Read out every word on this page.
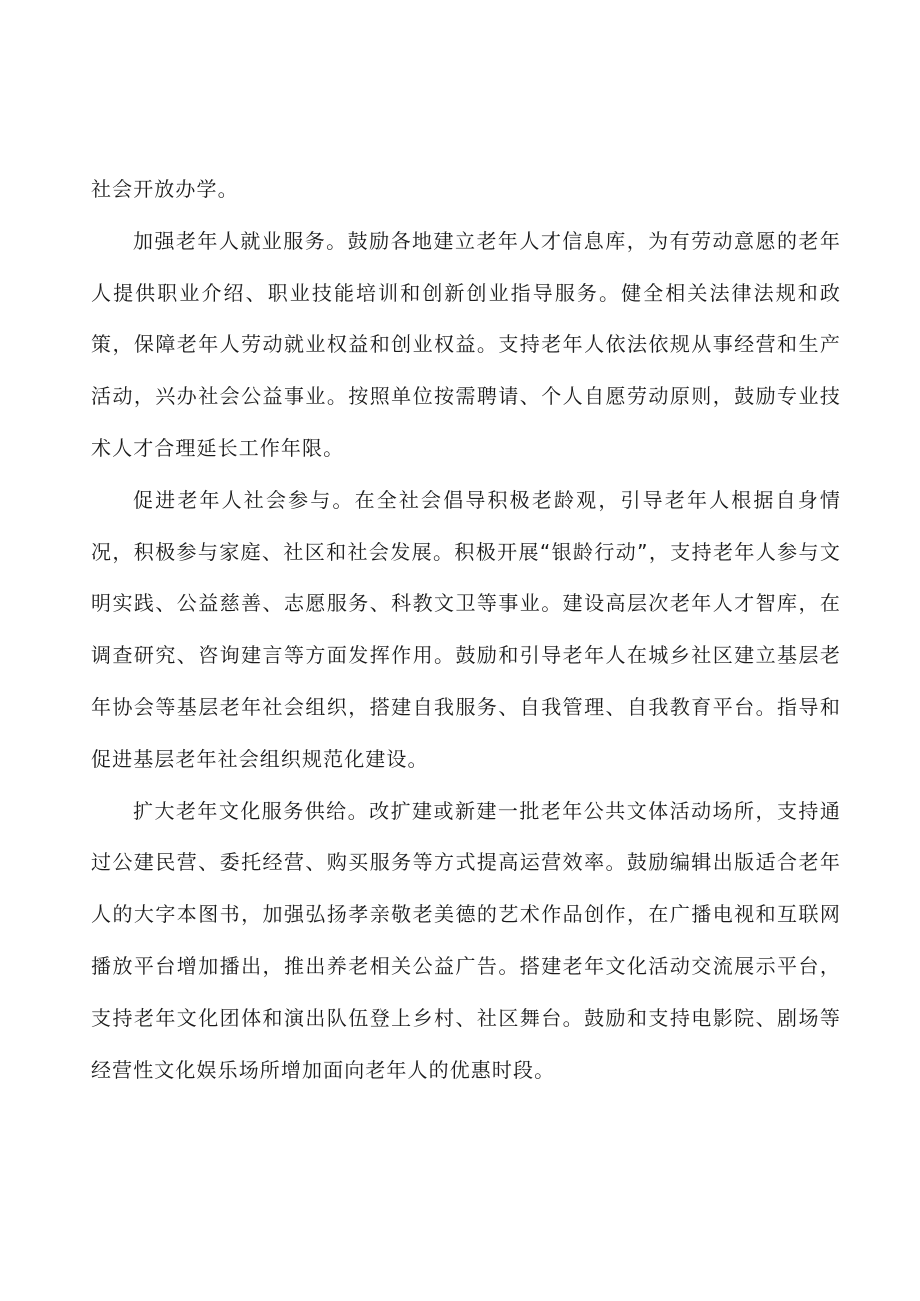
社会开放办学。

加强老年人就业服务。鼓励各地建立老年人才信息库，为有劳动意愿的老年人提供职业介绍、职业技能培训和创新创业指导服务。健全相关法律法规和政策，保障老年人劳动就业权益和创业权益。支持老年人依法依规从事经营和生产活动，兴办社会公益事业。按照单位按需聘请、个人自愿劳动原则，鼓励专业技术人才合理延长工作年限。

促进老年人社会参与。在全社会倡导积极老龄观，引导老年人根据自身情况，积极参与家庭、社区和社会发展。积极开展“银龄行动”，支持老年人参与文明实践、公益慈善、志愿服务、科教文卫等事业。建设高层次老年人才智库，在调查研究、咨询建言等方面发挥作用。鼓励和引导老年人在城乡社区建立基层老年协会等基层老年社会组织，搭建自我服务、自我管理、自我教育平台。指导和促进基层老年社会组织规范化建设。

扩大老年文化服务供给。改扩建或新建一批老年公共文体活动场所，支持通过公建民营、委托经营、购买服务等方式提高运营效率。鼓励编辑出版适合老年人的大字本图书，加强弘扬孝亲敬老美德的艺术作品创作，在广播电视和互联网播放平台增加播出，推出养老相关公益广告。搭建老年文化活动交流展示平台，支持老年文化团体和演出队伍登上乡村、社区舞台。鼓励和支持电影院、剧场等经营性文化娱乐场所增加面向老年人的优惠时段。
